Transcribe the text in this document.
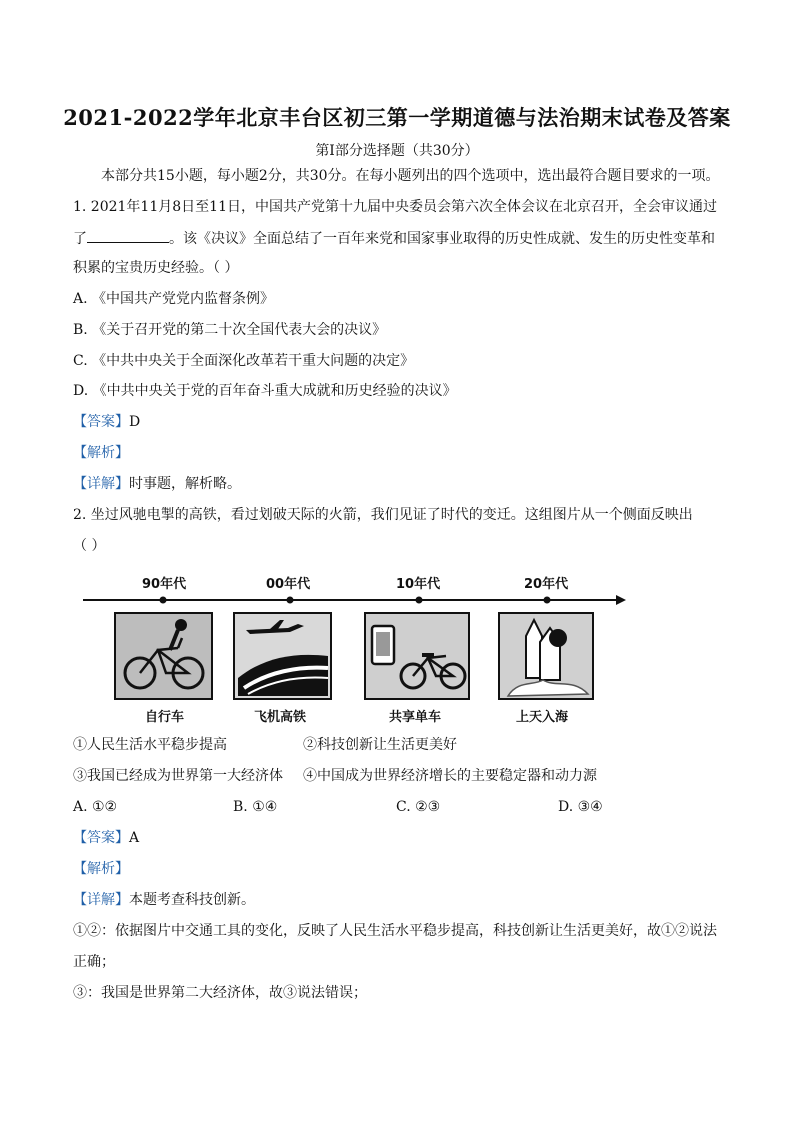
2021-2022学年北京丰台区初三第一学期道德与法治期末试卷及答案
第Ⅰ部分选择题（共30分）
本部分共15小题，每小题2分，共30分。在每小题列出的四个选项中，选出最符合题目要求的一项。
1. 2021年11月8日至11日，中国共产党第十九届中央委员会第六次全体会议在北京召开，全会审议通过
了	。该《决议》全面总结了一百年来党和国家事业取得的历史性成就、发生的历史性变革和
积累的宝贵历史经验。（ ）
A. 《中国共产党党内监督条例》
B. 《关于召开党的第二十次全国代表大会的决议》
C. 《中共中央关于全面深化改革若干重大问题的决定》
D. 《中共中央关于党的百年奋斗重大成就和历史经验的决议》
【答案】D
【解析】
【详解】时事题，解析略。
2. 坐过风驰电掣的高铁，看过划破天际的火箭，我们见证了时代的变迁。这组图片从一个侧面反映出
（ ）
90年代	00年代	10年代	20年代
自行车	飞机高铁	共享单车	上天入海
①人民生活水平稳步提高	②科技创新让生活更美好
③我国已经成为世界第一大经济体 ④中国成为世界经济增长的主要稳定器和动力源
A. ①②	B. ①④	C. ②③	D. ③④
【答案】A
【解析】
【详解】本题考查科技创新。
①②：依据图片中交通工具的变化，反映了人民生活水平稳步提高，科技创新让生活更美好，故①②说法
正确；
③：我国是世界第二大经济体，故③说法错误；
